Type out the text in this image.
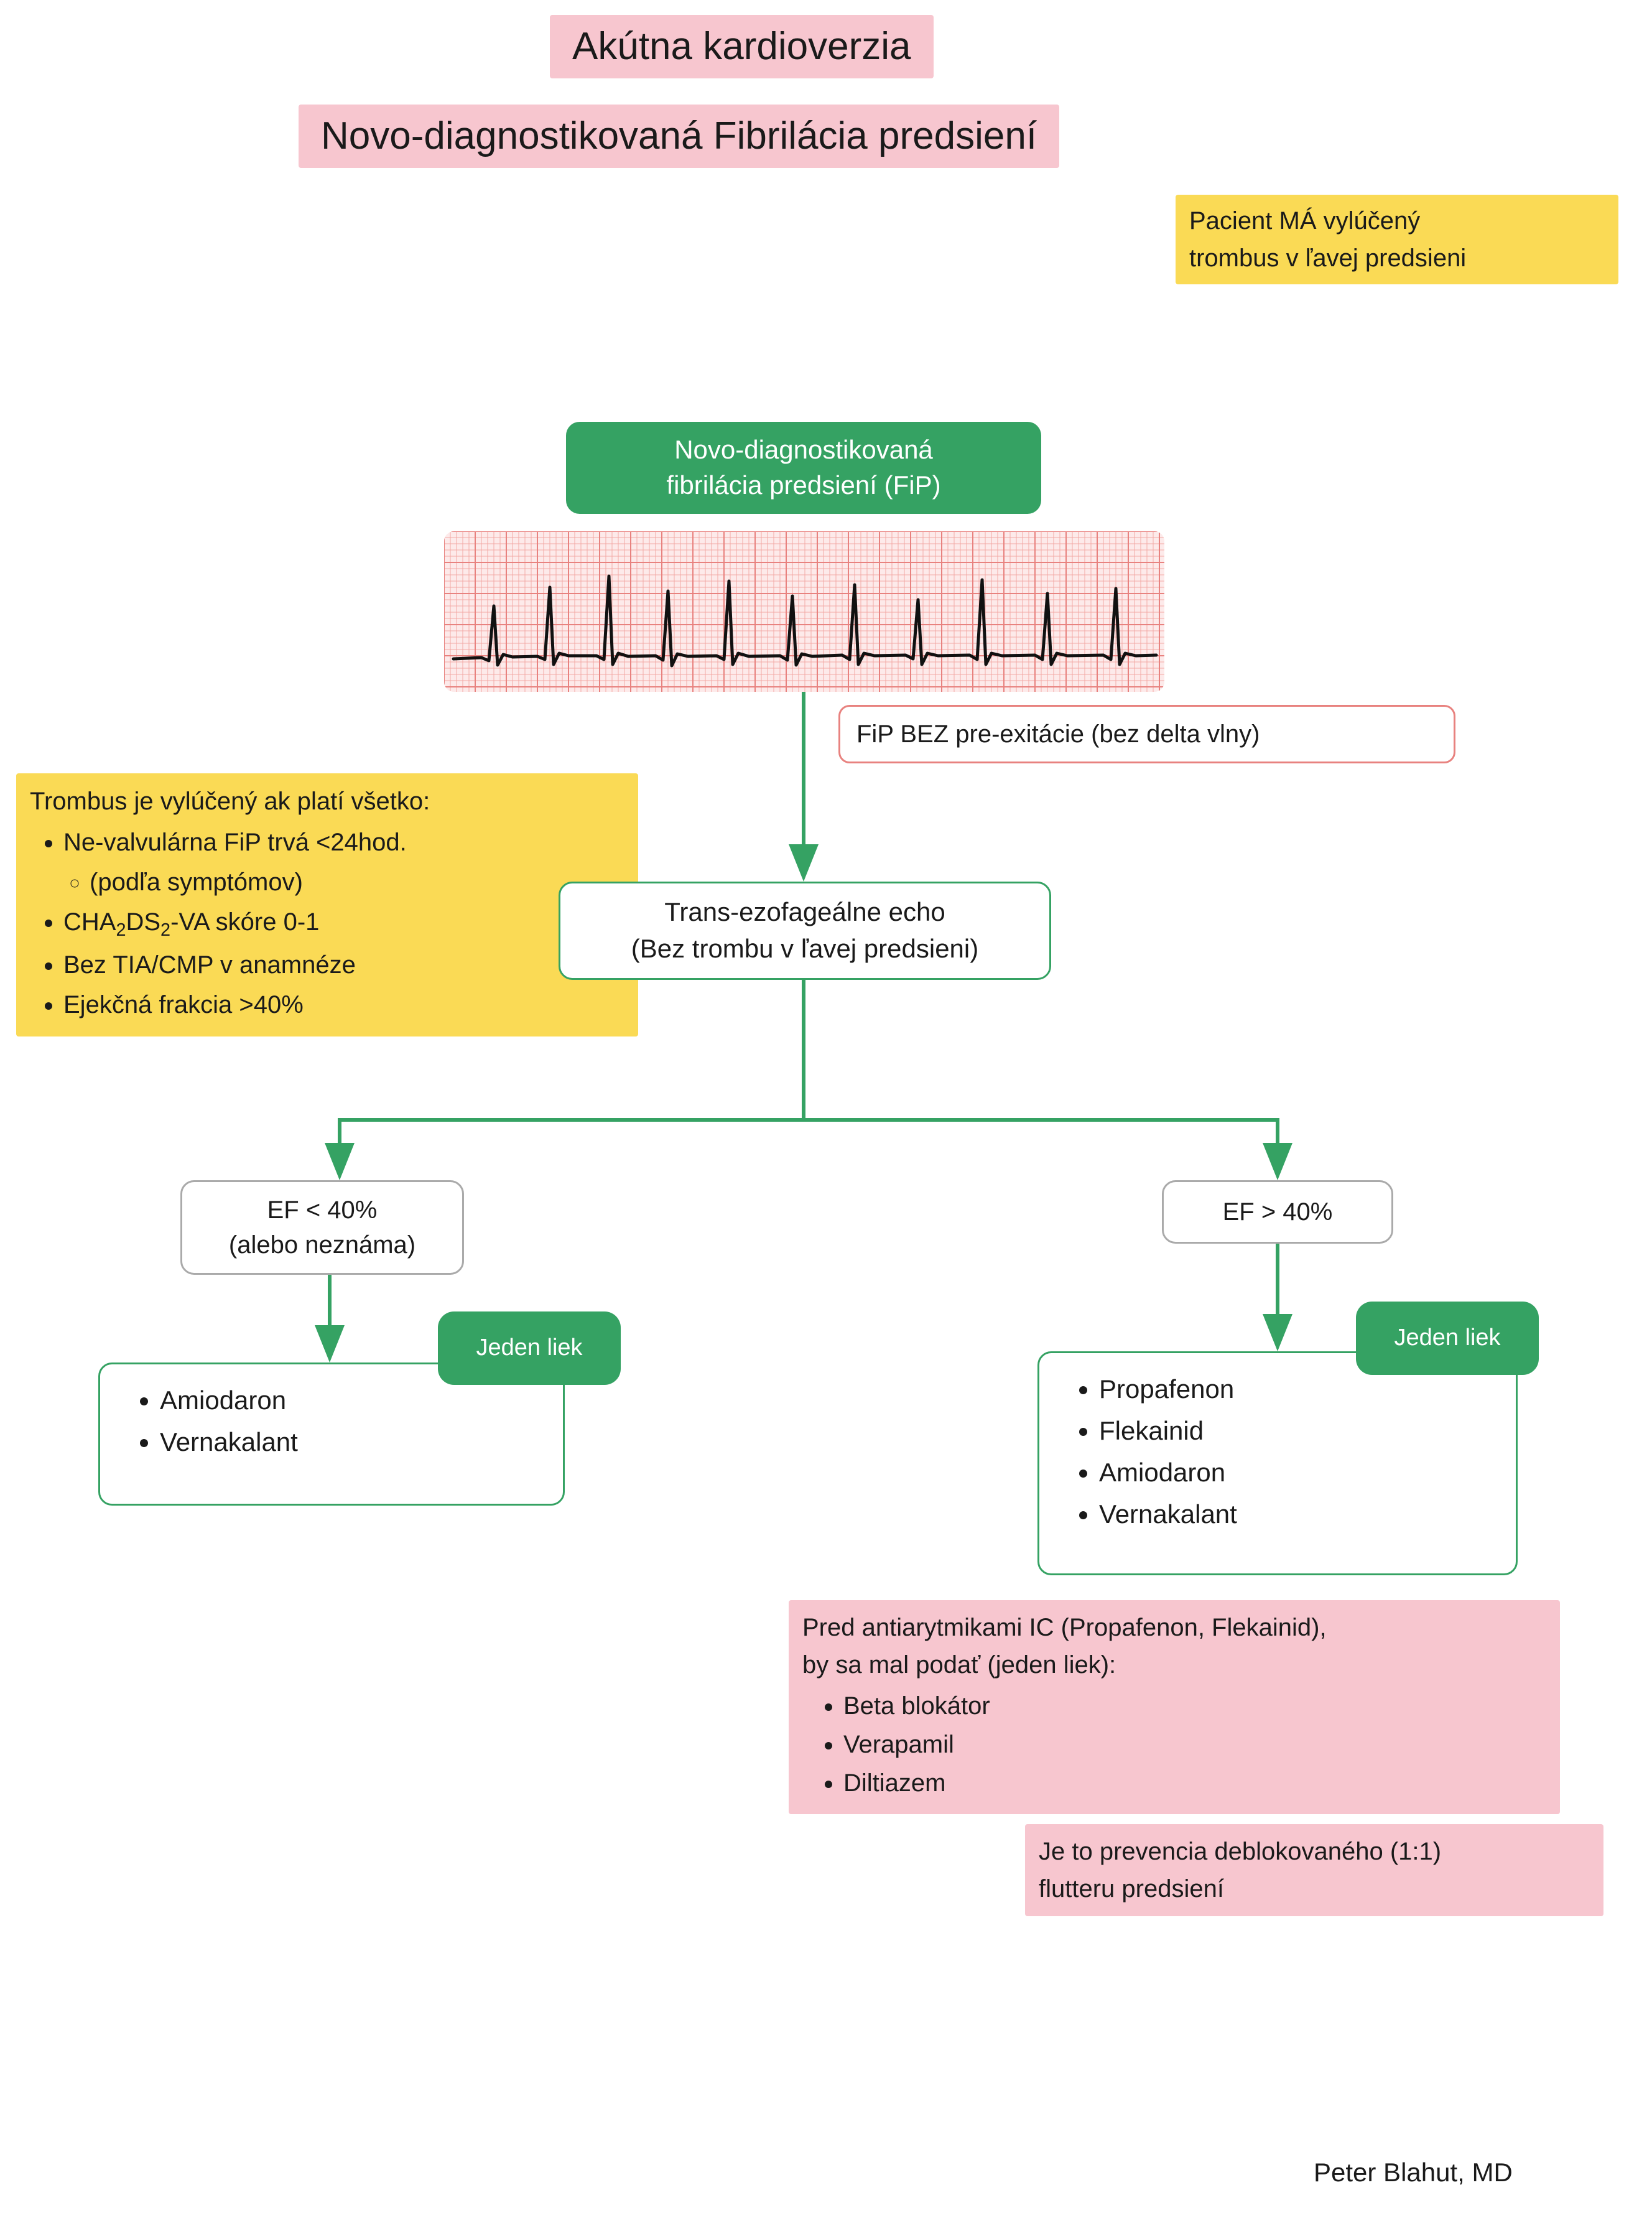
Akútna kardioverzia
Novo-diagnostikovaná Fibrilácia predsiení
Pacient MÁ vylúčený
trombus v ľavej predsieni
Novo-diagnostikovaná
fibrilácia predsiení (FiP)
FiP BEZ pre-exitácie (bez delta vlny)
Trombus je vylúčený ak platí všetko:
• Ne-valvulárna FiP trvá <24hod.
◦ (podľa symptómov)
• $CHA_2DS_2-VA$ skóre 0-1
• Bez TIA/CMP v anamnéze
• Ejekčná frakcia >40%
Trans-ezofageálne echo
(Bez trombu v ľavej predsieni)
EF < 40%
(alebo neznáma)
EF > 40%
• Amiodaron
• Vernakalant
• Propafenon
• Flekainid
• Amiodaron
• Vernakalant
Jeden liek	Jeden liek
Pred antiarytmikami IC (Propafenon, Flekainid),
by sa mal podať (jeden liek):
• Beta blokátor
• Verapamil
• Diltiazem
Je to prevencia deblokovaného (1:1)
flutteru predsiení
Peter Blahut, MD
